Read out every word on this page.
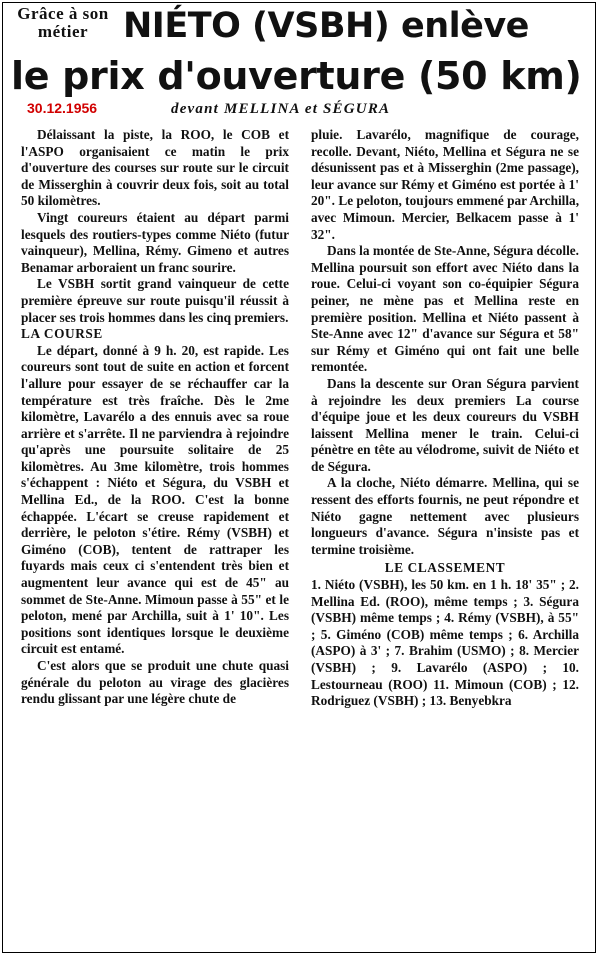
Grâce à son métier NIÉTO (VSBH) enlève
le prix d'ouverture (50 km)
30.12.1956	devant MELLINA et SÉGURA

Délaissant la piste, la ROO, le COB et l'ASPO organisaient ce matin le prix d'ouverture des courses sur route sur le circuit de Misserghin à couvrir deux fois, soit au total 50 kilomètres.

Vingt coureurs étaient au départ parmi lesquels des routiers-types comme Niéto (futur vainqueur), Mellina, Rémy. Gimeno et autres Benamar arboraient un franc sourire.

Le VSBH sortit grand vainqueur de cette première épreuve sur route puisqu'il réussit à placer ses trois hommes dans les cinq premiers.

LA COURSE

Le départ, donné à 9 h. 20, est rapide. Les coureurs sont tout de suite en action et forcent l'allure pour essayer de se réchauffer car la température est très fraîche. Dès le 2me kilomètre, Lavarélo a des ennuis avec sa roue arrière et s'arrête. Il ne parviendra à rejoindre qu'après une poursuite solitaire de 25 kilomètres. Au 3me kilomètre, trois hommes s'échappent : Niéto et Ségura, du VSBH et Mellina Ed., de la ROO. C'est la bonne échappée. L'écart se creuse rapidement et derrière, le peloton s'étire. Rémy (VSBH) et Giméno (COB), tentent de rattraper les fuyards mais ceux ci s'entendent très bien et augmentent leur avance qui est de 45" au sommet de Ste-Anne. Mimoun passe à 55" et le peloton, mené par Archilla, suit à 1' 10". Les positions sont identiques lorsque le deuxième circuit est entamé.

C'est alors que se produit une chute quasi générale du peloton au virage des glacières rendu glissant par une légère chute de

pluie. Lavarélo, magnifique de courage, recolle. Devant, Niéto, Mellina et Ségura ne se désunissent pas et à Misserghin (2me passage), leur avance sur Rémy et Giméno est portée à 1' 20". Le peloton, toujours emmené par Archilla, avec Mimoun. Mercier, Belkacem passe à 1' 32".

Dans la montée de Ste-Anne, Ségura décolle. Mellina poursuit son effort avec Niéto dans la roue. Celui-ci voyant son co-équipier Ségura peiner, ne mène pas et Mellina reste en première position. Mellina et Niéto passent à Ste-Anne avec 12" d'avance sur Ségura et 58" sur Rémy et Giméno qui ont fait une belle remontée.

Dans la descente sur Oran Ségura parvient à rejoindre les deux premiers La course d'équipe joue et les deux coureurs du VSBH laissent Mellina mener le train. Celui-ci pénètre en tête au vélodrome, suivit de Niéto et de Ségura.

A la cloche, Niéto démarre. Mellina, qui se ressent des efforts fournis, ne peut répondre et Niéto gagne nettement avec plusieurs longueurs d'avance. Ségura n'insiste pas et termine troisième.

LE CLASSEMENT

1. Niéto (VSBH), les 50 km. en 1 h. 18' 35" ; 2. Mellina Ed. (ROO), même temps ; 3. Ségura (VSBH) même temps ; 4. Rémy (VSBH), à 55" ; 5. Giméno (COB) même temps ; 6. Archilla (ASPO) à 3' ; 7. Brahim (USMO) ; 8. Mercier (VSBH) ; 9. Lavarélo (ASPO) ; 10. Lestourneau (ROO) 11. Mimoun (COB) ; 12. Rodriguez (VSBH) ; 13. Benyebkra
